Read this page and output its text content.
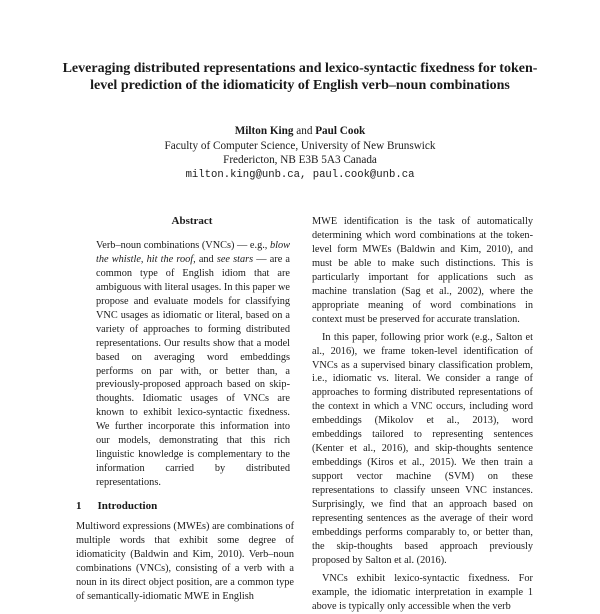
Leveraging distributed representations and lexico-syntactic fixedness for token-level prediction of the idiomaticity of English verb–noun combinations
Milton King and Paul Cook
Faculty of Computer Science, University of New Brunswick
Fredericton, NB E3B 5A3 Canada
milton.king@unb.ca, paul.cook@unb.ca
Abstract

Verb–noun combinations (VNCs) — e.g., blow the whistle, hit the roof, and see stars — are a common type of English idiom that are ambiguous with literal usages. In this paper we propose and evaluate models for classifying VNC usages as idiomatic or literal, based on a variety of approaches to forming distributed representations. Our results show that a model based on averaging word embeddings performs on par with, or better than, a previously-proposed approach based on skip-thoughts. Idiomatic usages of VNCs are known to exhibit lexico-syntactic fixedness. We further incorporate this information into our models, demonstrating that this rich linguistic knowledge is complementary to the information carried by distributed representations.

1 Introduction

Multiword expressions (MWEs) are combinations of multiple words that exhibit some degree of idiomaticity (Baldwin and Kim, 2010). Verb–noun combinations (VNCs), consisting of a verb with a noun in its direct object position, are a common type of semantically-idiomatic MWE in English

MWE identification is the task of automatically determining which word combinations at the token-level form MWEs (Baldwin and Kim, 2010), and must be able to make such distinctions. This is particularly important for applications such as machine translation (Sag et al., 2002), where the appropriate meaning of word combinations in context must be preserved for accurate translation.

In this paper, following prior work (e.g., Salton et al., 2016), we frame token-level identification of VNCs as a supervised binary classification problem, i.e., idiomatic vs. literal. We consider a range of approaches to forming distributed representations of the context in which a VNC occurs, including word embeddings (Mikolov et al., 2013), word embeddings tailored to representing sentences (Kenter et al., 2016), and skip-thoughts sentence embeddings (Kiros et al., 2015). We then train a support vector machine (SVM) on these representations to classify unseen VNC instances. Surprisingly, we find that an approach based on representing sentences as the average of their word embeddings performs comparably to, or better than, the skip-thoughts based approach previously proposed by Salton et al. (2016).

VNCs exhibit lexico-syntactic fixedness. For example, the idiomatic interpretation in example 1 above is typically only accessible when the verb
